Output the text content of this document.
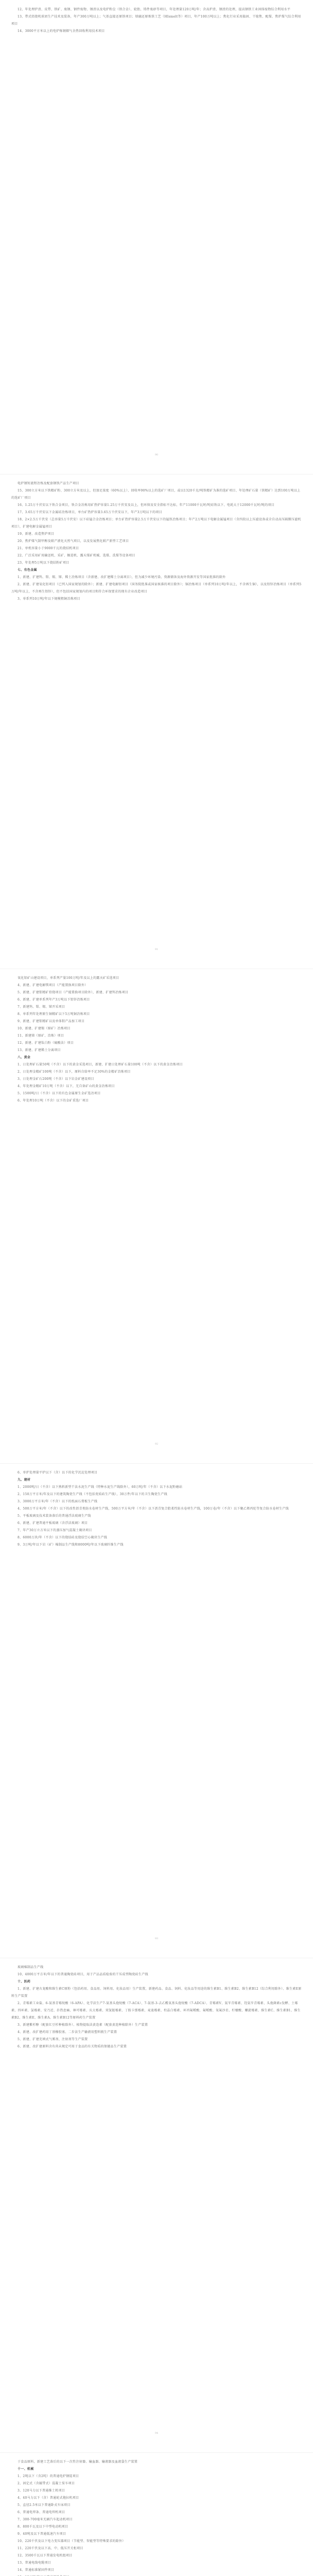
12、年处理炉渣、皮带、铁矿、废钢、钢件废物、钢渣以及电炉粉尘（铁合金）、轮胎、铸件废砂等项目，年处理量120万吨/年；含高炉渣、钢渣的处理，提高钢铁工业固体废物综合利用水平

13、带式焙烧机球团生产技术及装备，年产300万吨以上；气基直接还原铁项目；熔融还原炼铁工艺（HIsmelt等）项目，年产100万吨以上；焦化行业采用捣固、干熄焦、配煤、焦炉煤气综合利用项目

14、3000平方米以上的电炉炼钢烟气余热回收利用技术项目

90

电炉钢短流程冶炼及配套钢铁产品生产项目

15、300立方米以下铁精矿粉、300立方米及以上，但加足浓度（60%以上）、回收率90%以上的选矿厂项目，或以1320千克/吨铁精矿为准的选矿项目、年处理矿石量（铁精矿）达到100万吨以上的选矿厂项目

16、1.25万千伏安以下铁合金项目，铁合金冶炼用矿热炉容量1.25万千伏安及以上，但环保及安全指标不达标，年产11000千瓦时/吨硅铁以下、电耗大于12000千瓦时/吨的项目

17、3.65万千伏安以下金属硅冶炼项目，单台矿热炉容量3.65万千伏安以下，年产3万吨以下的项目

18、2×2.5万千伏安（总容量5万千伏安）以下硅锰合金冶炼项目；单台矿热炉容量2.5万千伏安以下的锰铁冶炼项目；年产2万吨以下电解金属锰项目（含四段以上压滤设备或全自动高压隔膜压滤机项目），扩建电解金属锰项目

19、新建、改造焦炉项目

20、焦炉煤气制甲醇及联产液化天然气项目，以及发展焦化联产新型工艺项目

21、单机容量小于9000千瓦的烧结机项目

22、广泛采用矿用输送机、采矿、掘进机、露天煤矿机械、选煤、洗煤等设备项目

23、年处理5万吨以下烧结粉矿项目

七、有色金属

1、新建、扩建钨、钼、锡、锑、稀土冶炼项目（含新建、改扩建稀土分离项目），但为减少环境污染、资源储备及海外资源开发等国家批准的除外

2、新建、扩建氧化铝项目（已列入国家规划的除外）；新建、扩建电解铝项目（国务院批准或国家核准的项目除外）；铜冶炼项目（单系列10万吨/年以上，不含再生铜），以及铅锌冶炼项目（单系列5万吨/年以上，不含再生铅锌），但不包括国家规划内的项目和符合环保要求的现有企业改造项目

3、单系列10万吨/年以下规模粗铜冶炼项目

91

氧化铝矿山建设项目，单系列产量100万吨/年及以上的露天矿采选项目

4、新建、扩建电解镁项目（产能置换项目除外）

5、新建、扩建钼精矿焙烧项目（产能置换项目除外），新建、扩建钨冶炼项目

6、新建、扩建单系列年产3万吨以下铅锌冶炼项目

7、新建钨、钼、锡、锑开采项目

8、单系列年处理原生铜精矿以下5万吨铜冶炼项目

9、新建、扩建钼精矿以及单体钼产品加工项目

10、新建、扩建锡（原矿）冶炼项目

11、新建锑（原矿、冶炼）项目

12、新建、扩建钛白粉（硫酸法）项目

13、新建、扩建稀土分离项目

八、黄金

1、日处理矿石量50吨（不含）以下的黄金采选项目，新建、扩建日处理矿石量100吨（不含）以下的黄金冶炼项目

2、日处理金精矿100吨（不含）以下，原料自给率不足30%的金精矿冶炼项目

3、日处理金矿石200吨（不含）以下岩金矿建设项目

4、年处理金精矿10万吨（不含）以下，无自备矿山的黄金冶炼项目

5、1500吨/日（不含）以下的有色金属原生金矿选冶项目

6、年处理10万吨（不含）以下的金矿重选厂项目

92

6、单炉处理量平炉以下（含）以下的化学沉淀处理项目

九、建材

1、2000吨/日（不含）以下熟料新型干法水泥生产线（特种水泥生产线除外），60万吨/年（不含）以下水泥粉磨站

2、150万平方米/年及以下的建筑陶瓷生产线（不包括瓷质砖生产线），30万件/年以下的卫生陶瓷生产线

3、3000万平方米/年（不含）以下的纸面石膏板生产线

4、500万平方米/年（不含）以下的改性沥青类防水卷材生产线，500万平方米/年（不含）以下沥青复合胎柔性防水卷材生产线，100万卷/年（不含）以下聚乙烯丙纶等复合防水卷材生产线

5、平板玻璃及技术装备落后的普通浮法玻璃生产线

6、新建、扩建普通平板玻璃（含浮法玻璃）项目

7、年产30万立方米以下的蒸压加气混凝土砌块项目

8、6000万块/年（不含）以下的烧结砖及烧结空心砌块生产线

9、3万吨/年以下岩（矿）棉制品生产线和8000吨/年以下玻璃纤维生产线

93

玻璃棉制品生产线

10、4000万平方米/年以下的普通陶瓷砖项目，用于产品品质检验的干压成型陶瓷砖生产线

十、医药

1、新建、扩建古龙酸和维生素C原粉（包括药用、食品用、饲料用、化妆品用）生产装置，新建药品、食品、饲料、化妆品等用途的维生素B1、维生素B2、维生素B12（综合利用除外）、维生素E原料生产装置

2、青霉素工业盐、6-氨基青霉烷酸（6-APA）、化学法生产7-氨基头孢烷酸（7-ACA）、7-氨基-3-去乙酰氧基头孢烷酸（7-ADCA）、青霉素V、氨苄青霉素、羟氨苄青霉素、头孢菌素c发酵、土霉素、四环素、氯霉素、安乃近、扑热息痛、林可霉素、庆大霉素、双氢链霉素、丁胺卡那霉素、麦迪霉素、柱晶白霉素、环丙氟哌酸、氟哌酸、氧氟沙星、柠檬酸、螺旋霉素、维生素C、维生素B1、维生素B2、维生素E、维生素A、维生素B12等原料药生产装置

3、新建紫杉醇（配套红豆杉种植除外）、植物提取法黄连素（配套黄连种植除外）生产装置

4、新建、改扩建药用丁基橡胶塞、二步法生产输液用塑料瓶生产装置

5、新建、扩建充填式气雾剂、注射剂等生产装置

6、新建、改扩建原料含有尚未规定可用于食品的有关物质的保健品生产装置

94

于食品原料，新建工艺落后的以下一次性注射器、输血器、输液器及血液袋生产装置

十一、机械

1、2吨以下（含2吨）的普通电炉钢锭项目

2、固定式（含履带式）混凝土泵车项目

3、120马力以下普通推土机项目

4、40马力以下（含）普通轮式拖拉机项目

5、直径2.5米以下普通卧式车床项目

6、普通电焊条、普通电焊机项目

7、300-700毫米无刷汽车起动机项目

8、800千瓦及以下中型电动机项目

9、40吨及以下普通低速汽车项目

10、220千伏及以下电力变压器项目（节能型、智能型等特殊要求的除外）

11、220千伏及以下高、中、低压开关柜项目

12、3500千瓦以下普通发电机组项目

13、普通电线电缆项目

14、普通标准紧固件项目
